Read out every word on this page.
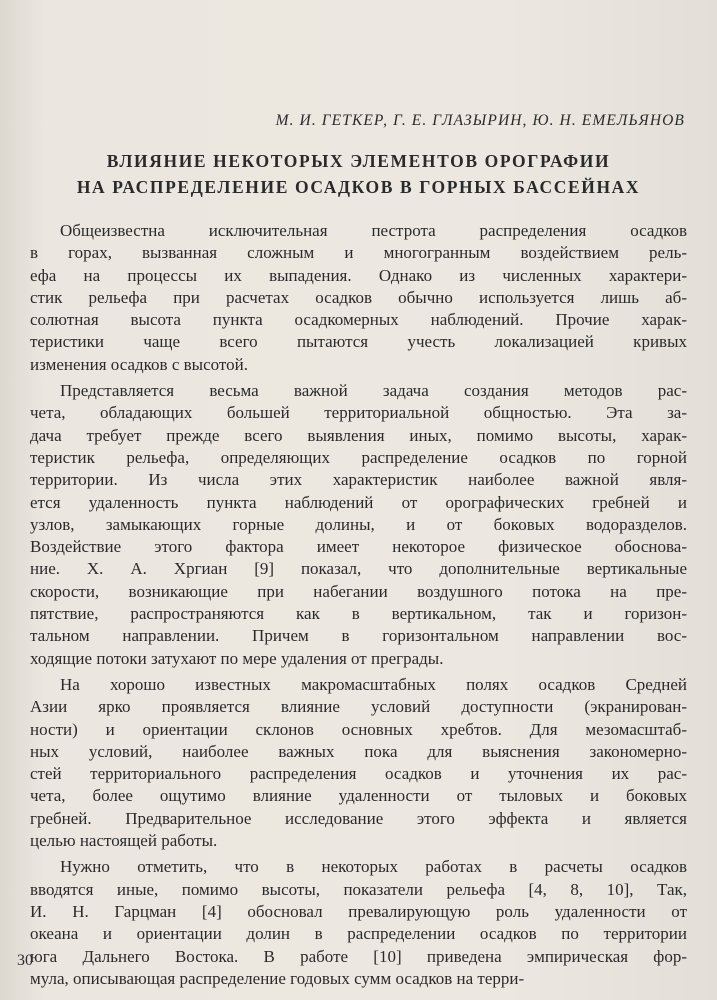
М. И. ГЕТКЕР, Г. Е. ГЛАЗЫРИН, Ю. Н. ЕМЕЛЬЯНОВ
ВЛИЯНИЕ НЕКОТОРЫХ ЭЛЕМЕНТОВ ОРОГРАФИИ
НА РАСПРЕДЕЛЕНИЕ ОСАДКОВ В ГОРНЫХ БАССЕЙНАХ
Общеизвестна исключительная пестрота распределения осадков
в горах, вызванная сложным и многогранным воздействием рель-
ефа на процессы их выпадения. Однако из численных характери-
стик рельефа при расчетах осадков обычно используется лишь аб-
солютная высота пункта осадкомерных наблюдений. Прочие харак-
теристики чаще всего пытаются учесть локализацией кривых
изменения осадков с высотой.
Представляется весьма важной задача создания методов рас-
чета, обладающих большей территориальной общностью. Эта за-
дача требует прежде всего выявления иных, помимо высоты, харак-
теристик рельефа, определяющих распределение осадков по горной
территории. Из числа этих характеристик наиболее важной явля-
ется удаленность пункта наблюдений от орографических гребней и
узлов, замыкающих горные долины, и от боковых водоразделов.
Воздействие этого фактора имеет некоторое физическое обоснова-
ние. Х. А. Хргиан [9] показал, что дополнительные вертикальные
скорости, возникающие при набегании воздушного потока на пре-
пятствие, распространяются как в вертикальном, так и горизон-
тальном направлении. Причем в горизонтальном направлении вос-
ходящие потоки затухают по мере удаления от преграды.
На хорошо известных макромасштабных полях осадков Средней
Азии ярко проявляется влияние условий доступности (экранирован-
ности) и ориентации склонов основных хребтов. Для мезомасштаб-
ных условий, наиболее важных пока для выяснения закономерно-
стей территориального распределения осадков и уточнения их рас-
чета, более ощутимо влияние удаленности от тыловых и боковых
гребней. Предварительное исследование этого эффекта и является
целью настоящей работы.
Нужно отметить, что в некоторых работах в расчеты осадков
вводятся иные, помимо высоты, показатели рельефа [4, 8, 10], Так,
И. Н. Гарцман [4] обосновал превалирующую роль удаленности от
океана и ориентации долин в распределении осадков по территории
юга Дальнего Востока. В работе [10] приведена эмпирическая фор-
мула, описывающая распределение годовых сумм осадков на терри-
30
